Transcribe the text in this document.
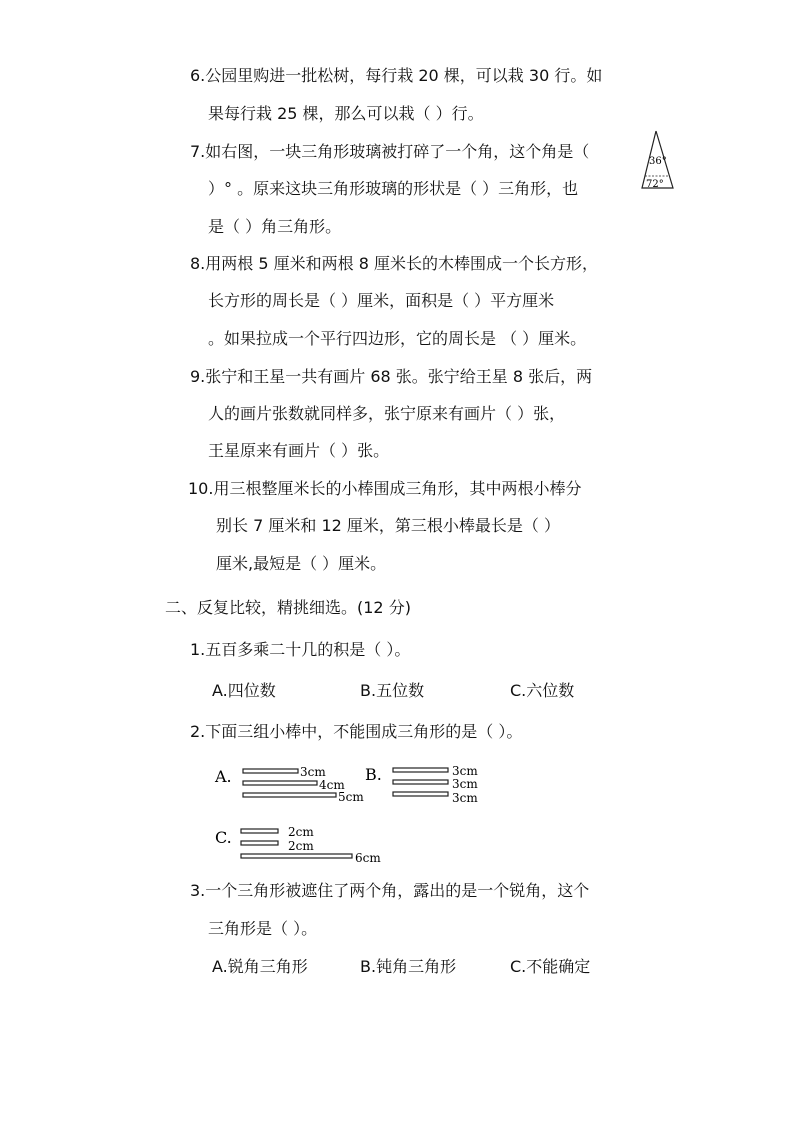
6.公园里购进一批松树，每行栽 20 棵，可以栽 30 行。如
果每行栽 25 棵，那么可以栽（ ）行。
7.如右图，一块三角形玻璃被打碎了一个角，这个角是（
）° 。原来这块三角形玻璃的形状是（ ）三角形，也
是（ ）角三角形。
36°
72°
8.用两根 5 厘米和两根 8 厘米长的木棒围成一个长方形，
长方形的周长是（ ）厘米，面积是（ ）平方厘米
。如果拉成一个平行四边形，它的周长是 （ ）厘米。
9.张宁和王星一共有画片 68 张。张宁给王星 8 张后，两
人的画片张数就同样多，张宁原来有画片（ ）张，
王星原来有画片（ ）张。
10.用三根整厘米长的小棒围成三角形，其中两根小棒分
别长 7 厘米和 12 厘米，第三根小棒最长是（ ）
厘米,最短是（ ）厘米。
二、反复比较，精挑细选。(12 分)
1.五百多乘二十几的积是（ ）。
A.四位数	B.五位数	C.六位数
2.下面三组小棒中，不能围成三角形的是（ ）。
A.	3cm
4cm
5cm
B.	3cm
3cm
3cm
C.	2cm
2cm
6cm
3.一个三角形被遮住了两个角，露出的是一个锐角，这个
三角形是（ ）。
A.锐角三角形	B.钝角三角形	C.不能确定
